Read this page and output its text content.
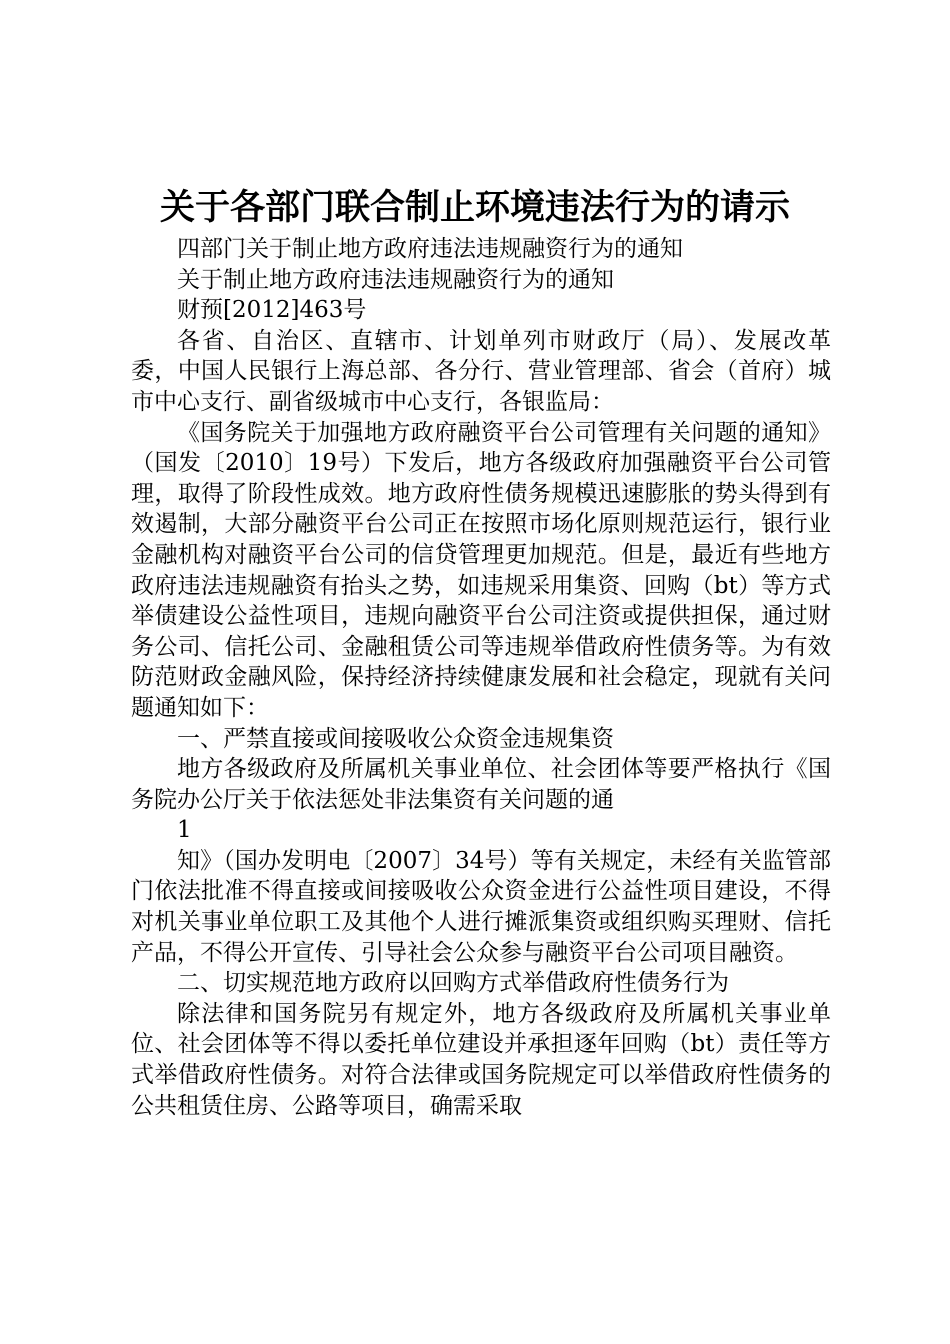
关于各部门联合制止环境违法行为的请示

四部门关于制止地方政府违法违规融资行为的通知

关于制止地方政府违法违规融资行为的通知

财预[2012]463号

各省、自治区、直辖市、计划单列市财政厅（局）、发展改革委，中国人民银行上海总部、各分行、营业管理部、省会（首府）城市中心支行、副省级城市中心支行，各银监局：

《国务院关于加强地方政府融资平台公司管理有关问题的通知》（国发〔2010〕19号）下发后，地方各级政府加强融资平台公司管理，取得了阶段性成效。地方政府性债务规模迅速膨胀的势头得到有效遏制，大部分融资平台公司正在按照市场化原则规范运行，银行业金融机构对融资平台公司的信贷管理更加规范。但是，最近有些地方政府违法违规融资有抬头之势，如违规采用集资、回购（bt）等方式举债建设公益性项目，违规向融资平台公司注资或提供担保，通过财务公司、信托公司、金融租赁公司等违规举借政府性债务等。为有效防范财政金融风险，保持经济持续健康发展和社会稳定，现就有关问题通知如下：

一、严禁直接或间接吸收公众资金违规集资

地方各级政府及所属机关事业单位、社会团体等要严格执行《国务院办公厅关于依法惩处非法集资有关问题的通

1

知》（国办发明电〔2007〕34号）等有关规定，未经有关监管部门依法批准不得直接或间接吸收公众资金进行公益性项目建设，不得对机关事业单位职工及其他个人进行摊派集资或组织购买理财、信托产品，不得公开宣传、引导社会公众参与融资平台公司项目融资。

二、切实规范地方政府以回购方式举借政府性债务行为

除法律和国务院另有规定外，地方各级政府及所属机关事业单位、社会团体等不得以委托单位建设并承担逐年回购（bt）责任等方式举借政府性债务。对符合法律或国务院规定可以举借政府性债务的公共租赁住房、公路等项目，确需采取
